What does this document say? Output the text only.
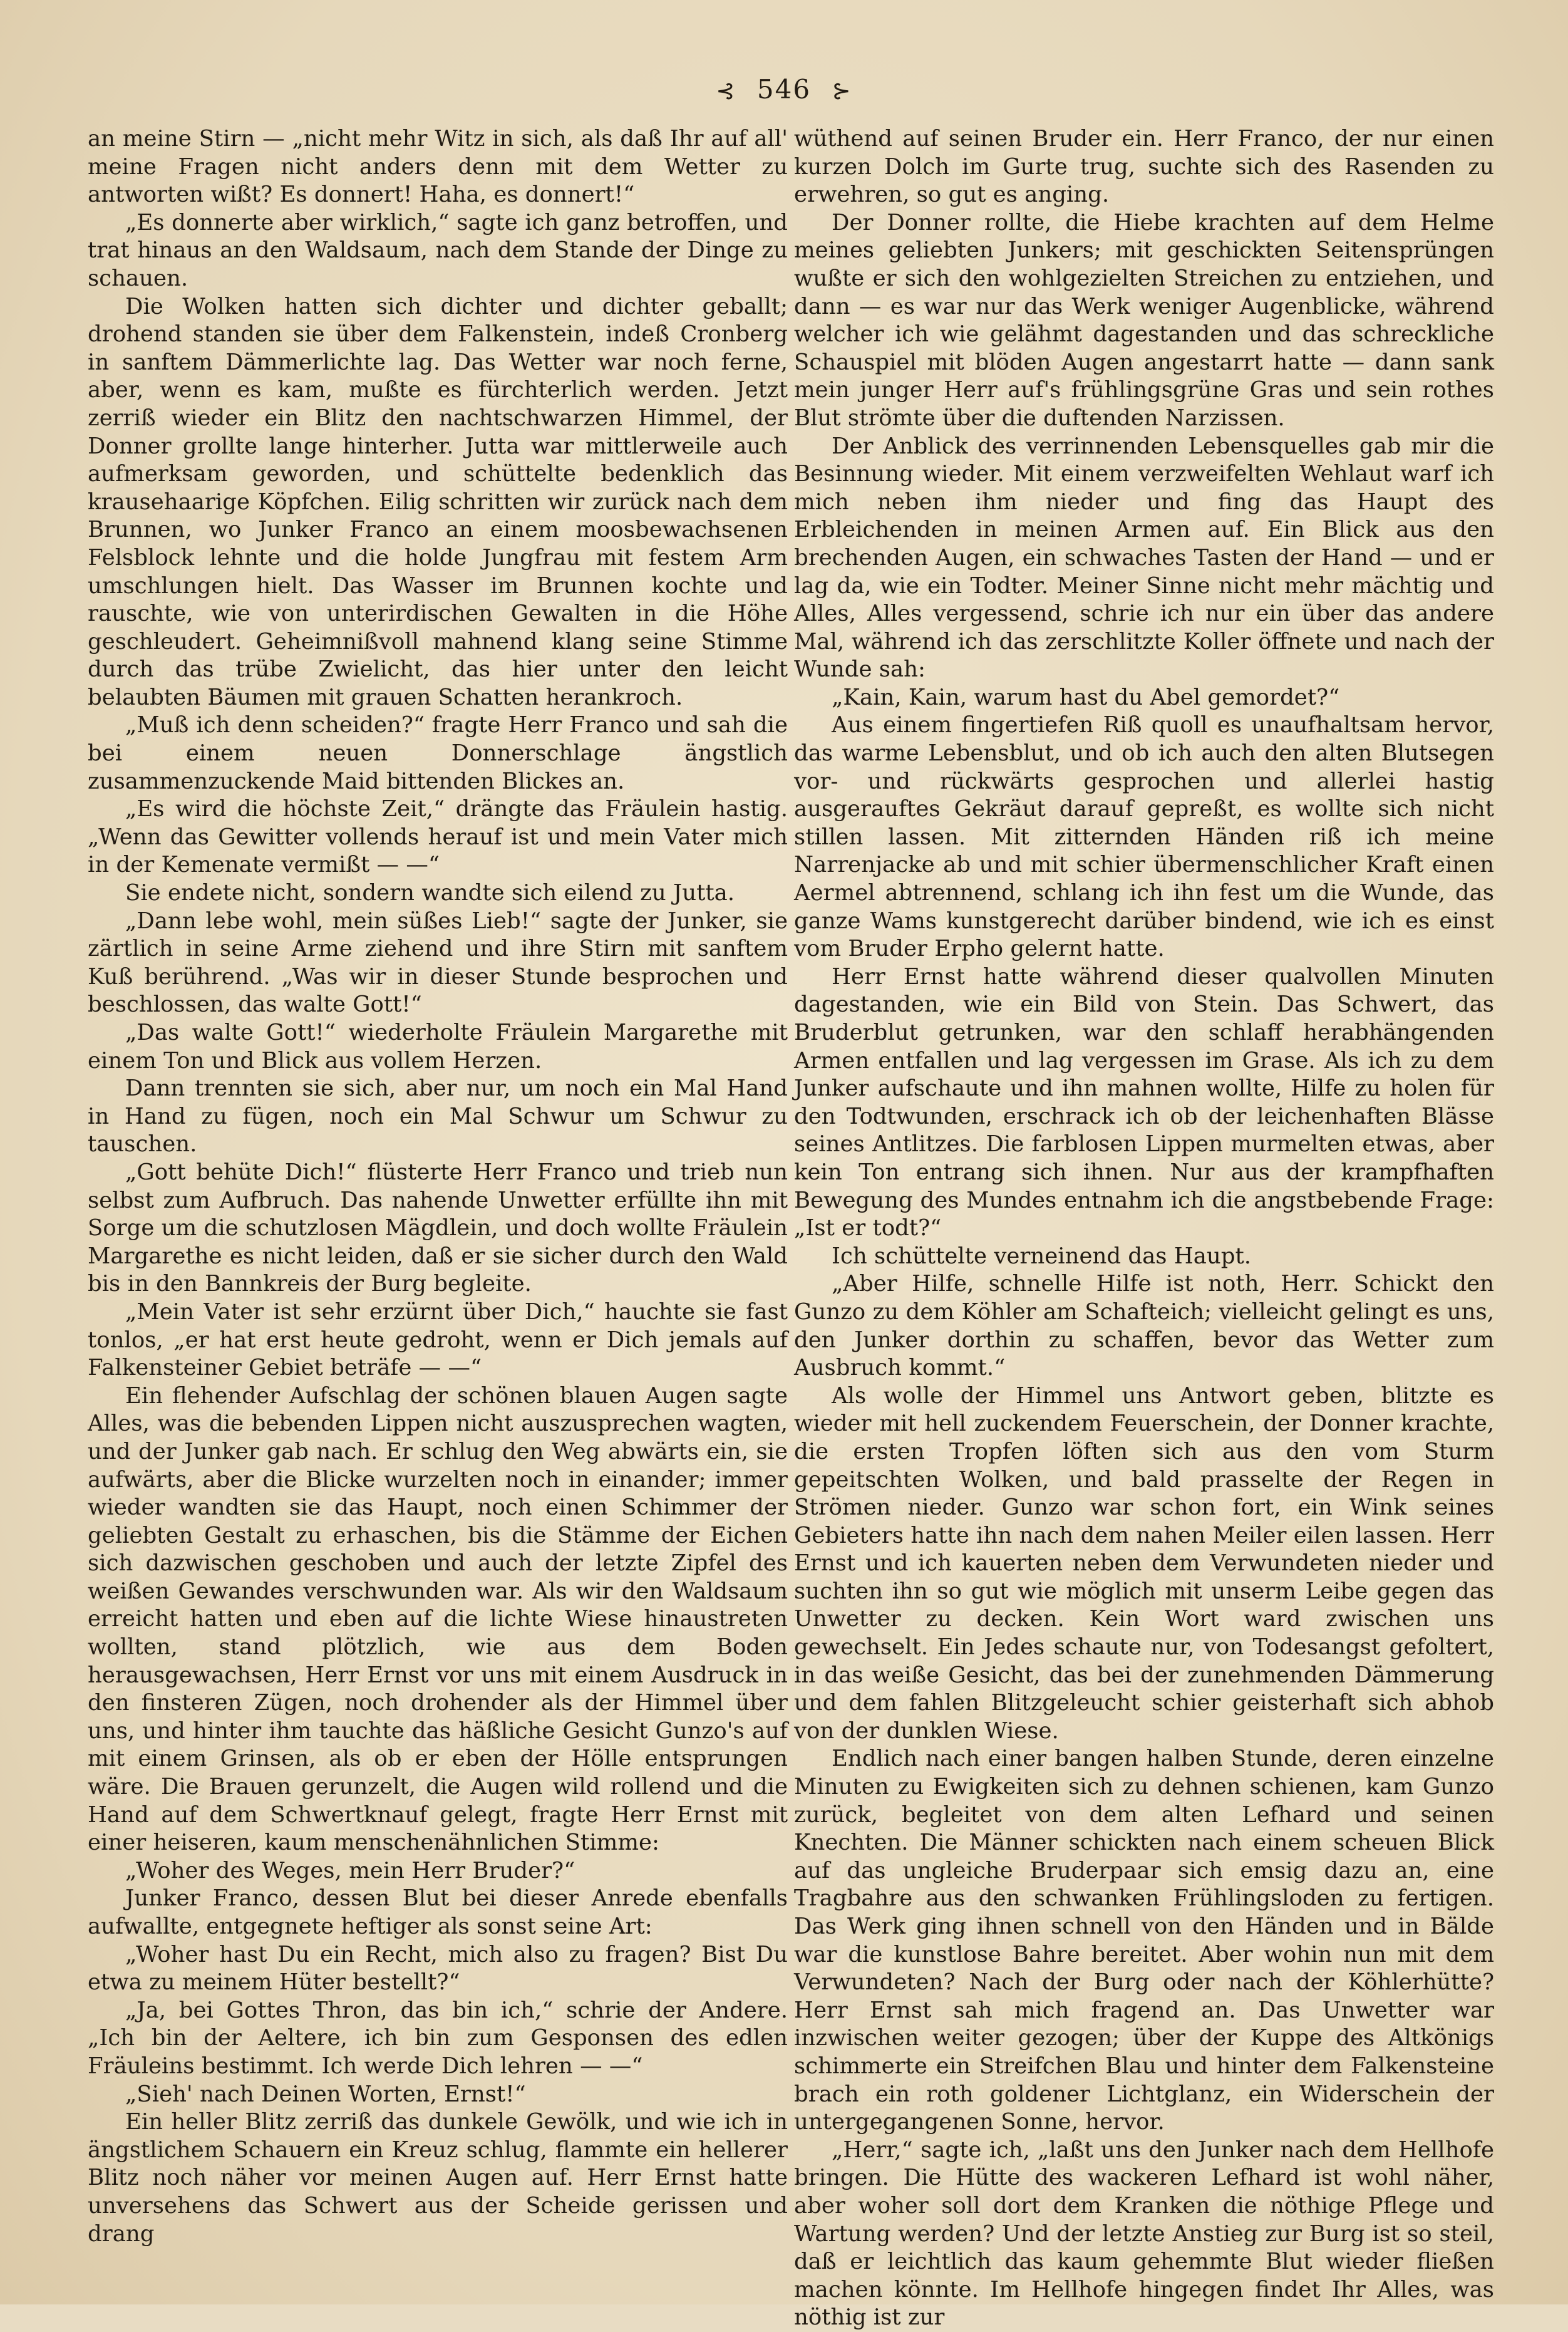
⊰ 546 ⊱

an meine Stirn — „nicht mehr Witz in sich, als daß Ihr auf all' meine Fragen nicht anders denn mit dem Wetter zu antworten wißt? Es donnert! Haha, es donnert!“

„Es donnerte aber wirklich,“ sagte ich ganz betroffen, und trat hinaus an den Waldsaum, nach dem Stande der Dinge zu schauen.

Die Wolken hatten sich dichter und dichter geballt; drohend standen sie über dem Falkenstein, indeß Cronberg in sanftem Dämmerlichte lag. Das Wetter war noch ferne, aber, wenn es kam, mußte es fürchterlich werden. Jetzt zerriß wieder ein Blitz den nachtschwarzen Himmel, der Donner grollte lange hinterher. Jutta war mittlerweile auch aufmerksam geworden, und schüttelte bedenklich das krausehaarige Köpfchen. Eilig schritten wir zurück nach dem Brunnen, wo Junker Franco an einem moosbewachsenen Felsblock lehnte und die holde Jungfrau mit festem Arm umschlungen hielt. Das Wasser im Brunnen kochte und rauschte, wie von unterirdischen Gewalten in die Höhe geschleudert. Geheimnißvoll mahnend klang seine Stimme durch das trübe Zwielicht, das hier unter den leicht belaubten Bäumen mit grauen Schatten herankroch.

„Muß ich denn scheiden?“ fragte Herr Franco und sah die bei einem neuen Donnerschlage ängstlich zusammenzuckende Maid bittenden Blickes an.

„Es wird die höchste Zeit,“ drängte das Fräulein hastig. „Wenn das Gewitter vollends herauf ist und mein Vater mich in der Kemenate vermißt — —“

Sie endete nicht, sondern wandte sich eilend zu Jutta.

„Dann lebe wohl, mein süßes Lieb!“ sagte der Junker, sie zärtlich in seine Arme ziehend und ihre Stirn mit sanftem Kuß berührend. „Was wir in dieser Stunde besprochen und beschlossen, das walte Gott!“

„Das walte Gott!“ wiederholte Fräulein Margarethe mit einem Ton und Blick aus vollem Herzen.

Dann trennten sie sich, aber nur, um noch ein Mal Hand in Hand zu fügen, noch ein Mal Schwur um Schwur zu tauschen.

„Gott behüte Dich!“ flüsterte Herr Franco und trieb nun selbst zum Aufbruch. Das nahende Unwetter erfüllte ihn mit Sorge um die schutzlosen Mägdlein, und doch wollte Fräulein Margarethe es nicht leiden, daß er sie sicher durch den Wald bis in den Bannkreis der Burg begleite.

„Mein Vater ist sehr erzürnt über Dich,“ hauchte sie fast tonlos, „er hat erst heute gedroht, wenn er Dich jemals auf Falkensteiner Gebiet beträfe — —“

Ein flehender Aufschlag der schönen blauen Augen sagte Alles, was die bebenden Lippen nicht auszusprechen wagten, und der Junker gab nach. Er schlug den Weg abwärts ein, sie aufwärts, aber die Blicke wurzelten noch in einander; immer wieder wandten sie das Haupt, noch einen Schimmer der geliebten Gestalt zu erhaschen, bis die Stämme der Eichen sich dazwischen geschoben und auch der letzte Zipfel des weißen Gewandes verschwunden war. Als wir den Waldsaum erreicht hatten und eben auf die lichte Wiese hinaustreten wollten, stand plötzlich, wie aus dem Boden herausgewachsen, Herr Ernst vor uns mit einem Ausdruck in den finsteren Zügen, noch drohender als der Himmel über uns, und hinter ihm tauchte das häßliche Gesicht Gunzo's auf mit einem Grinsen, als ob er eben der Hölle entsprungen wäre. Die Brauen gerunzelt, die Augen wild rollend und die Hand auf dem Schwertknauf gelegt, fragte Herr Ernst mit einer heiseren, kaum menschenähnlichen Stimme:

„Woher des Weges, mein Herr Bruder?“

Junker Franco, dessen Blut bei dieser Anrede ebenfalls aufwallte, entgegnete heftiger als sonst seine Art:

„Woher hast Du ein Recht, mich also zu fragen? Bist Du etwa zu meinem Hüter bestellt?“

„Ja, bei Gottes Thron, das bin ich,“ schrie der Andere. „Ich bin der Aeltere, ich bin zum Gesponsen des edlen Fräuleins bestimmt. Ich werde Dich lehren — —“

„Sieh' nach Deinen Worten, Ernst!“

Ein heller Blitz zerriß das dunkele Gewölk, und wie ich in ängstlichem Schauern ein Kreuz schlug, flammte ein hellerer Blitz noch näher vor meinen Augen auf. Herr Ernst hatte unversehens das Schwert aus der Scheide gerissen und drang

wüthend auf seinen Bruder ein. Herr Franco, der nur einen kurzen Dolch im Gurte trug, suchte sich des Rasenden zu erwehren, so gut es anging.

Der Donner rollte, die Hiebe krachten auf dem Helme meines geliebten Junkers; mit geschickten Seitensprüngen wußte er sich den wohlgezielten Streichen zu entziehen, und dann — es war nur das Werk weniger Augenblicke, während welcher ich wie gelähmt dagestanden und das schreckliche Schauspiel mit blöden Augen angestarrt hatte — dann sank mein junger Herr auf's frühlingsgrüne Gras und sein rothes Blut strömte über die duftenden Narzissen.

Der Anblick des verrinnenden Lebensquelles gab mir die Besinnung wieder. Mit einem verzweifelten Wehlaut warf ich mich neben ihm nieder und fing das Haupt des Erbleichenden in meinen Armen auf. Ein Blick aus den brechenden Augen, ein schwaches Tasten der Hand — und er lag da, wie ein Todter. Meiner Sinne nicht mehr mächtig und Alles, Alles vergessend, schrie ich nur ein über das andere Mal, während ich das zerschlitzte Koller öffnete und nach der Wunde sah:

„Kain, Kain, warum hast du Abel gemordet?“

Aus einem fingertiefen Riß quoll es unaufhaltsam hervor, das warme Lebensblut, und ob ich auch den alten Blutsegen vor- und rückwärts gesprochen und allerlei hastig ausgerauftes Gekräut darauf gepreßt, es wollte sich nicht stillen lassen. Mit zitternden Händen riß ich meine Narrenjacke ab und mit schier übermenschlicher Kraft einen Aermel abtrennend, schlang ich ihn fest um die Wunde, das ganze Wams kunstgerecht darüber bindend, wie ich es einst vom Bruder Erpho gelernt hatte.

Herr Ernst hatte während dieser qualvollen Minuten dagestanden, wie ein Bild von Stein. Das Schwert, das Bruderblut getrunken, war den schlaff herabhängenden Armen entfallen und lag vergessen im Grase. Als ich zu dem Junker aufschaute und ihn mahnen wollte, Hilfe zu holen für den Todtwunden, erschrack ich ob der leichenhaften Blässe seines Antlitzes. Die farblosen Lippen murmelten etwas, aber kein Ton entrang sich ihnen. Nur aus der krampfhaften Bewegung des Mundes entnahm ich die angstbebende Frage: „Ist er todt?“

Ich schüttelte verneinend das Haupt.

„Aber Hilfe, schnelle Hilfe ist noth, Herr. Schickt den Gunzo zu dem Köhler am Schafteich; vielleicht gelingt es uns, den Junker dorthin zu schaffen, bevor das Wetter zum Ausbruch kommt.“

Als wolle der Himmel uns Antwort geben, blitzte es wieder mit hell zuckendem Feuerschein, der Donner krachte, die ersten Tropfen löften sich aus den vom Sturm gepeitschten Wolken, und bald prasselte der Regen in Strömen nieder. Gunzo war schon fort, ein Wink seines Gebieters hatte ihn nach dem nahen Meiler eilen lassen. Herr Ernst und ich kauerten neben dem Verwundeten nieder und suchten ihn so gut wie möglich mit unserm Leibe gegen das Unwetter zu decken. Kein Wort ward zwischen uns gewechselt. Ein Jedes schaute nur, von Todesangst gefoltert, in das weiße Gesicht, das bei der zunehmenden Dämmerung und dem fahlen Blitzgeleucht schier geisterhaft sich abhob von der dunklen Wiese.

Endlich nach einer bangen halben Stunde, deren einzelne Minuten zu Ewigkeiten sich zu dehnen schienen, kam Gunzo zurück, begleitet von dem alten Lefhard und seinen Knechten. Die Männer schickten nach einem scheuen Blick auf das ungleiche Bruderpaar sich emsig dazu an, eine Tragbahre aus den schwanken Frühlingsloden zu fertigen. Das Werk ging ihnen schnell von den Händen und in Bälde war die kunstlose Bahre bereitet. Aber wohin nun mit dem Verwundeten? Nach der Burg oder nach der Köhlerhütte? Herr Ernst sah mich fragend an. Das Unwetter war inzwischen weiter gezogen; über der Kuppe des Altkönigs schimmerte ein Streifchen Blau und hinter dem Falkensteine brach ein roth goldener Lichtglanz, ein Widerschein der untergegangenen Sonne, hervor.

„Herr,“ sagte ich, „laßt uns den Junker nach dem Hellhofe bringen. Die Hütte des wackeren Lefhard ist wohl näher, aber woher soll dort dem Kranken die nöthige Pflege und Wartung werden? Und der letzte Anstieg zur Burg ist so steil, daß er leichtlich das kaum gehemmte Blut wieder fließen machen könnte. Im Hellhofe hingegen findet Ihr Alles, was nöthig ist zur
